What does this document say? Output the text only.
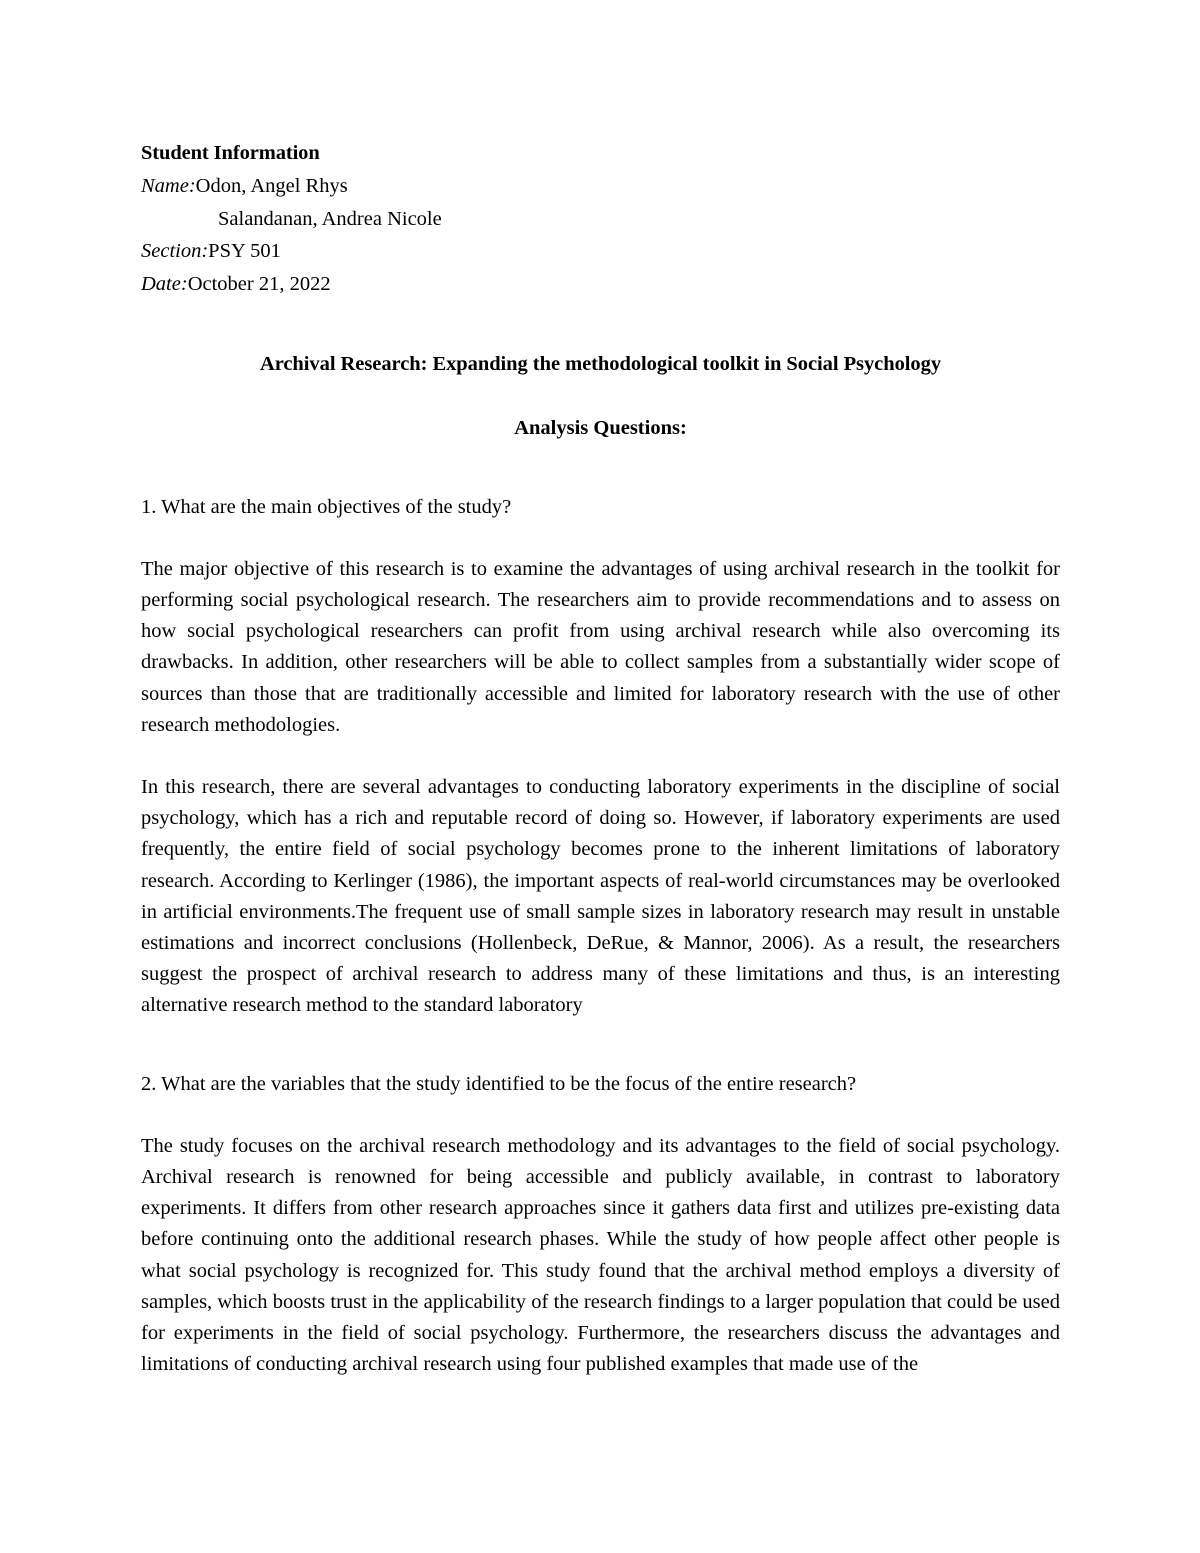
Student Information
Name:Odon, Angel Rhys
Salandanan, Andrea Nicole
Section:PSY 501
Date:October 21, 2022
Archival Research: Expanding the methodological toolkit in Social Psychology
Analysis Questions:
1. What are the main objectives of the study?
The major objective of this research is to examine the advantages of using archival research in the toolkit for performing social psychological research. The researchers aim to provide recommendations and to assess on how social psychological researchers can profit from using archival research while also overcoming its drawbacks. In addition, other researchers will be able to collect samples from a substantially wider scope of sources than those that are traditionally accessible and limited for laboratory research with the use of other research methodologies.
In this research, there are several advantages to conducting laboratory experiments in the discipline of social psychology, which has a rich and reputable record of doing so. However, if laboratory experiments are used frequently, the entire field of social psychology becomes prone to the inherent limitations of laboratory research. According to Kerlinger (1986), the important aspects of real-world circumstances may be overlooked in artificial environments.The frequent use of small sample sizes in laboratory research may result in unstable estimations and incorrect conclusions (Hollenbeck, DeRue, & Mannor, 2006). As a result, the researchers suggest the prospect of archival research to address many of these limitations and thus, is an interesting alternative research method to the standard laboratory
2. What are the variables that the study identified to be the focus of the entire research?
The study focuses on the archival research methodology and its advantages to the field of social psychology. Archival research is renowned for being accessible and publicly available, in contrast to laboratory experiments. It differs from other research approaches since it gathers data first and utilizes pre-existing data before continuing onto the additional research phases. While the study of how people affect other people is what social psychology is recognized for. This study found that the archival method employs a diversity of samples, which boosts trust in the applicability of the research findings to a larger population that could be used for experiments in the field of social psychology. Furthermore, the researchers discuss the advantages and limitations of conducting archival research using four published examples that made use of the
